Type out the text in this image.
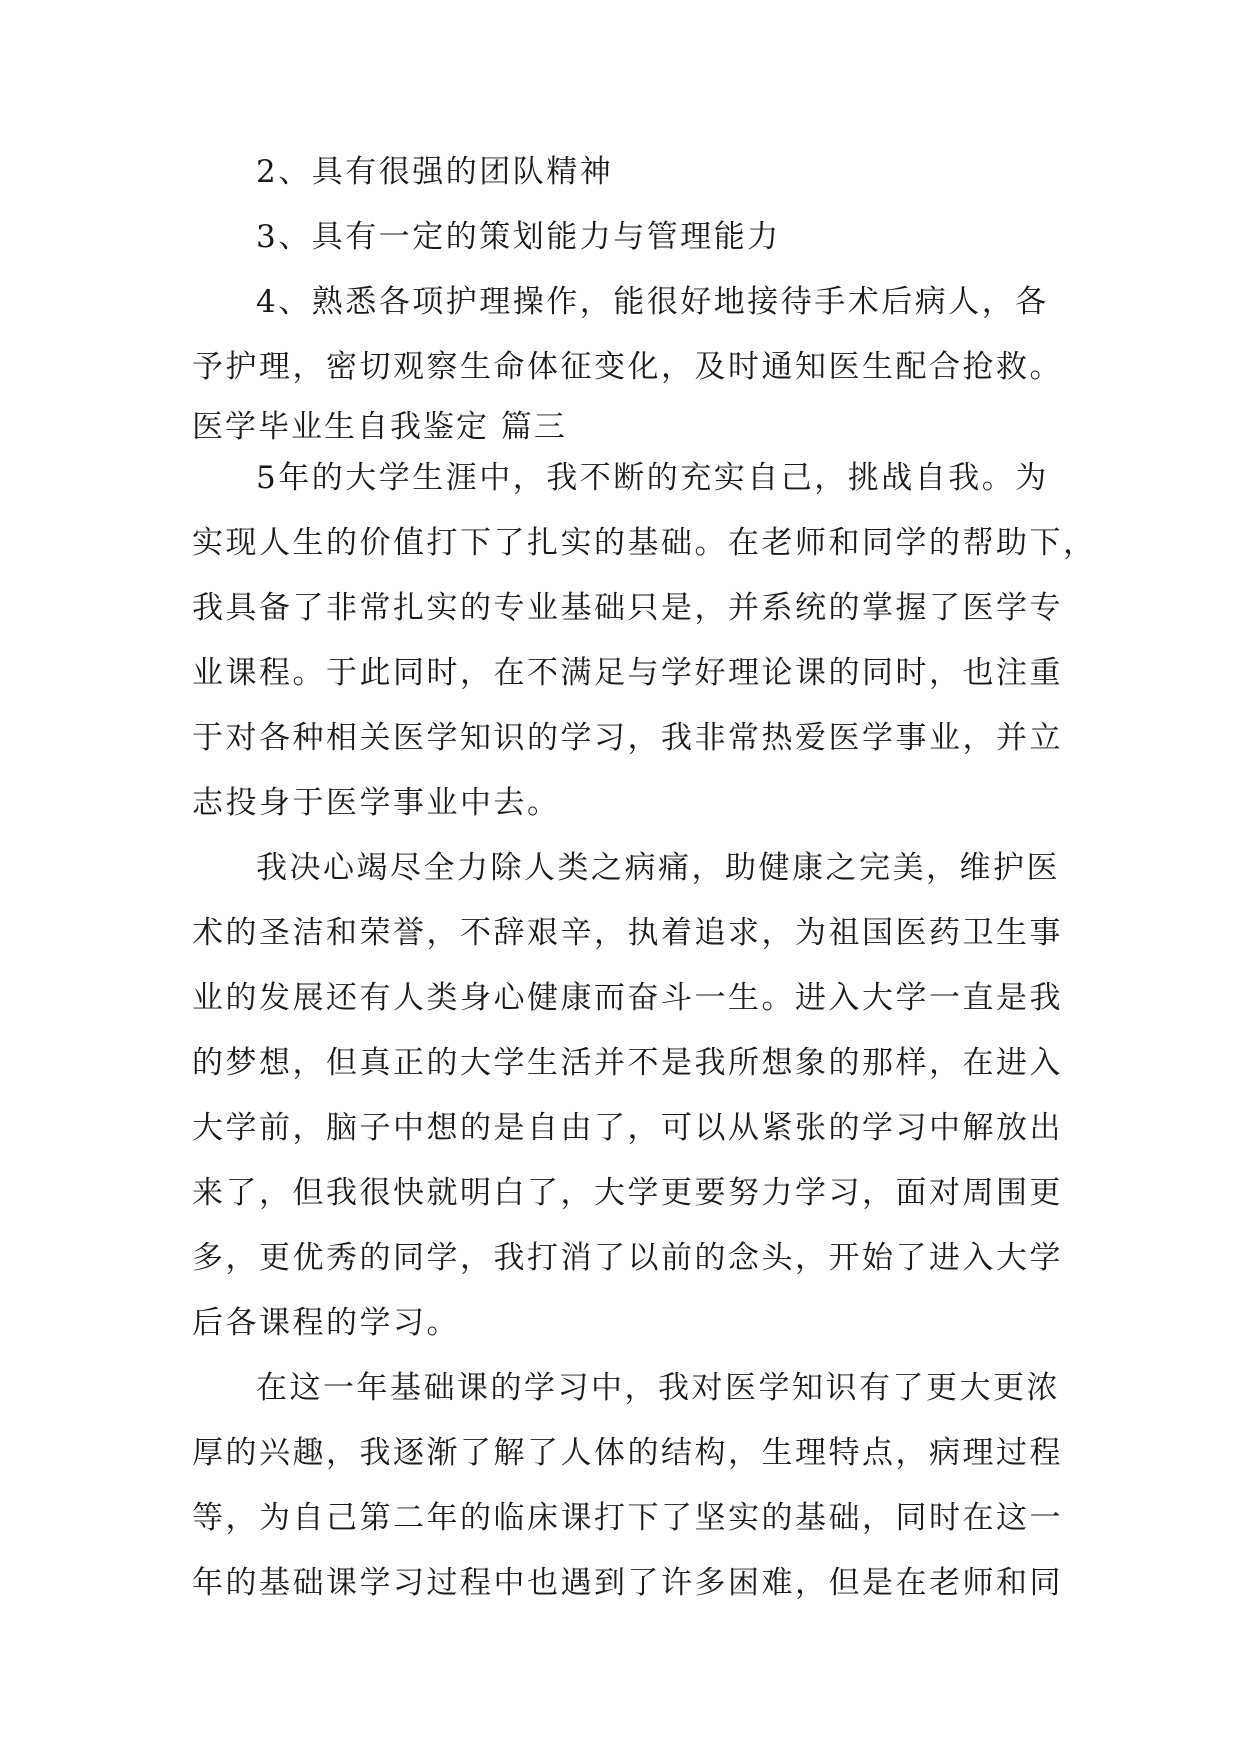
2、具有很强的团队精神
3、具有一定的策划能力与管理能力
4、熟悉各项护理操作，能很好地接待手术后病人，各
予护理，密切观察生命体征变化，及时通知医生配合抢救。
医学毕业生自我鉴定 篇三
5年的大学生涯中，我不断的充实自己，挑战自我。为
实现人生的价值打下了扎实的基础。在老师和同学的帮助下，
我具备了非常扎实的专业基础只是，并系统的掌握了医学专
业课程。于此同时，在不满足与学好理论课的同时，也注重
于对各种相关医学知识的学习，我非常热爱医学事业，并立
志投身于医学事业中去。
我决心竭尽全力除人类之病痛，助健康之完美，维护医
术的圣洁和荣誉，不辞艰辛，执着追求，为祖国医药卫生事
业的发展还有人类身心健康而奋斗一生。进入大学一直是我
的梦想，但真正的大学生活并不是我所想象的那样，在进入
大学前，脑子中想的是自由了，可以从紧张的学习中解放出
来了，但我很快就明白了，大学更要努力学习，面对周围更
多，更优秀的同学，我打消了以前的念头，开始了进入大学
后各课程的学习。
在这一年基础课的学习中，我对医学知识有了更大更浓
厚的兴趣，我逐渐了解了人体的结构，生理特点，病理过程
等，为自己第二年的临床课打下了坚实的基础，同时在这一
年的基础课学习过程中也遇到了许多困难，但是在老师和同
